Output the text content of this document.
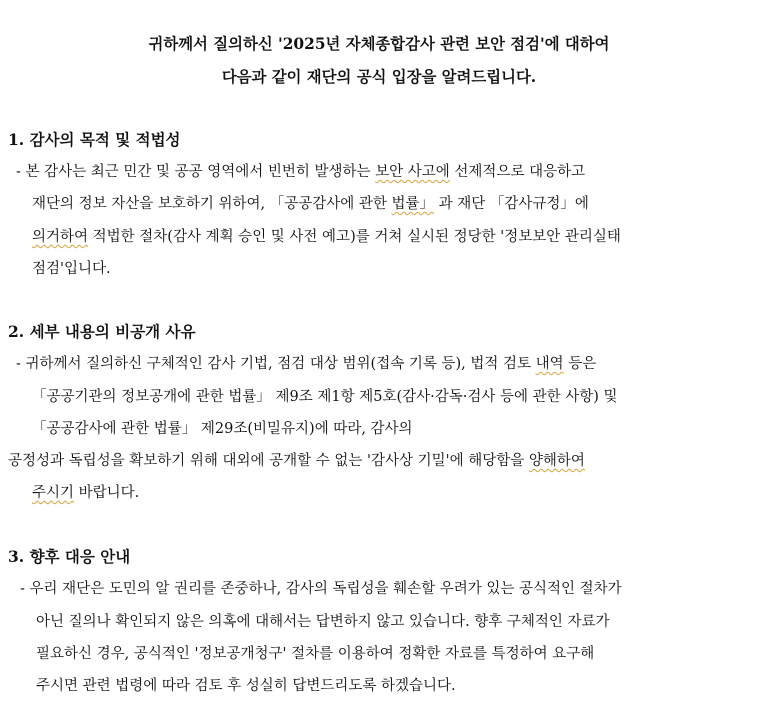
귀하께서 질의하신 '2025년 자체종합감사 관련 보안 점검'에 대하여
다음과 같이 재단의 공식 입장을 알려드립니다.
1. 감사의 목적 및 적법성
- 본 감사는 최근 민간 및 공공 영역에서 빈번히 발생하는 보안 사고에 선제적으로 대응하고
재단의 정보 자산을 보호하기 위하여, 「공공감사에 관한 법률」 과 재단 「감사규정」에
의거하여 적법한 절차(감사 계획 승인 및 사전 예고)를 거쳐 실시된 정당한 '정보보안 관리실태
점검'입니다.
2. 세부 내용의 비공개 사유
- 귀하께서 질의하신 구체적인 감사 기법, 점검 대상 범위(접속 기록 등), 법적 검토 내역 등은
「공공기관의 정보공개에 관한 법률」 제9조 제1항 제5호(감사·감독·검사 등에 관한 사항) 및
「공공감사에 관한 법률」 제29조(비밀유지)에 따라, 감사의
공정성과 독립성을 확보하기 위해 대외에 공개할 수 없는 '감사상 기밀'에 해당함을 양해하여
주시기 바랍니다.
3. 향후 대응 안내
- 우리 재단은 도민의 알 권리를 존중하나, 감사의 독립성을 훼손할 우려가 있는 공식적인 절차가
아닌 질의나 확인되지 않은 의혹에 대해서는 답변하지 않고 있습니다. 향후 구체적인 자료가
필요하신 경우, 공식적인 '정보공개청구' 절차를 이용하여 정확한 자료를 특정하여 요구해
주시면 관련 법령에 따라 검토 후 성실히 답변드리도록 하겠습니다.
